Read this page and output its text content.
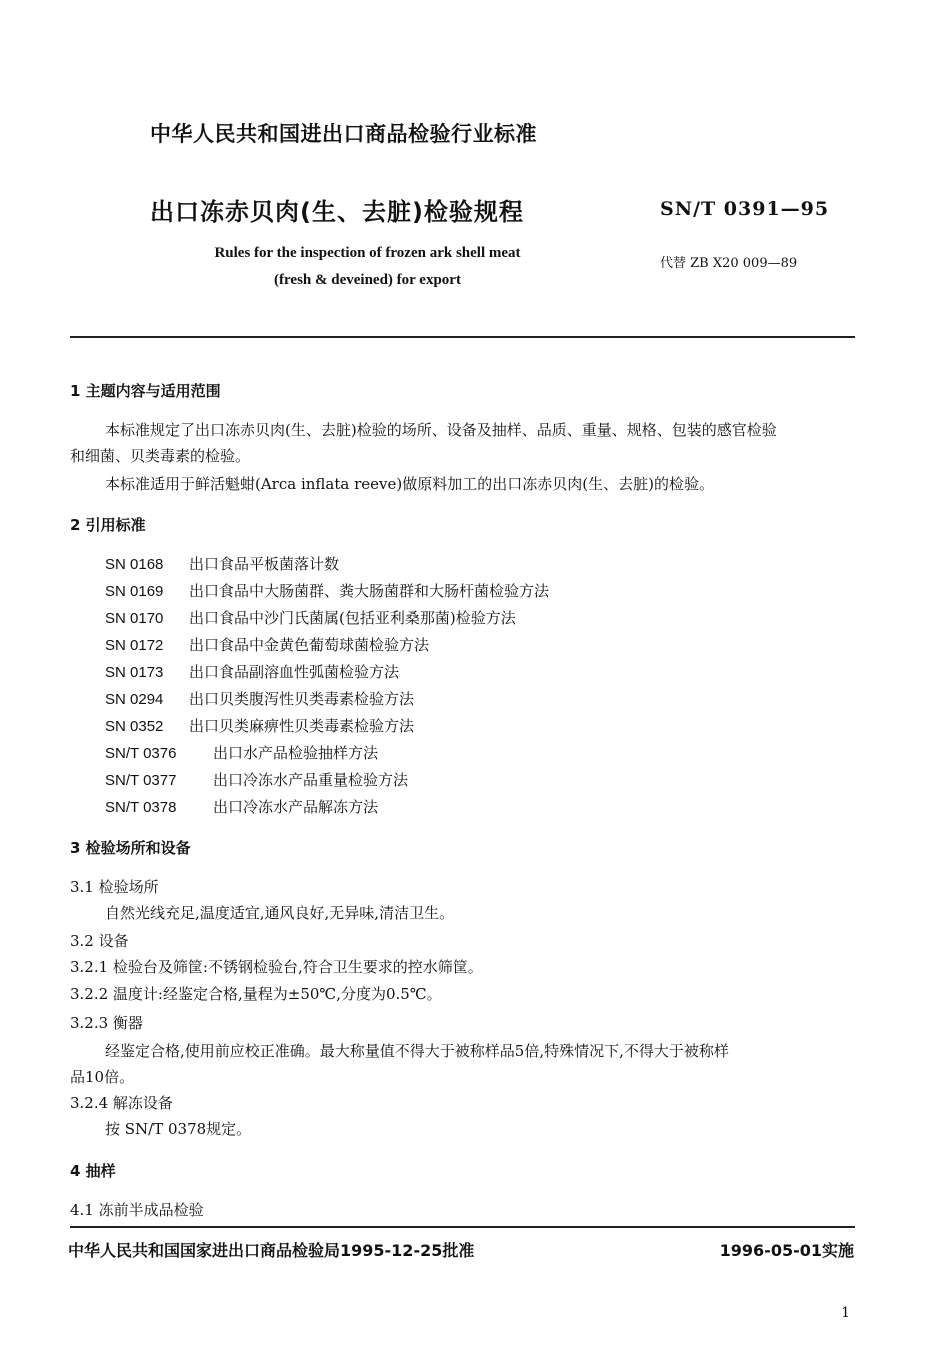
中华人民共和国进出口商品检验行业标准
出口冻赤贝肉(生、去脏)检验规程	SN/T 0391—95
Rules for the inspection of frozen ark shell meat
(fresh & deveined) for export
代替 ZB X20 009—89
1 主题内容与适用范围
本标准规定了出口冻赤贝肉(生、去脏)检验的场所、设备及抽样、品质、重量、规格、包装的感官检验
和细菌、贝类毒素的检验。
本标准适用于鲜活魁蚶(Arca inflata reeve)做原料加工的出口冻赤贝肉(生、去脏)的检验。
2 引用标准
SN 0168 出口食品平板菌落计数
SN 0169 出口食品中大肠菌群、粪大肠菌群和大肠杆菌检验方法
SN 0170 出口食品中沙门氏菌属(包括亚利桑那菌)检验方法
SN 0172 出口食品中金黄色葡萄球菌检验方法
SN 0173 出口食品副溶血性弧菌检验方法
SN 0294 出口贝类腹泻性贝类毒素检验方法
SN 0352 出口贝类麻痹性贝类毒素检验方法
SN/T 0376 出口水产品检验抽样方法
SN/T 0377 出口冷冻水产品重量检验方法
SN/T 0378 出口冷冻水产品解冻方法
3 检验场所和设备
3.1 检验场所
自然光线充足,温度适宜,通风良好,无异味,清洁卫生。
3.2 设备
3.2.1 检验台及筛筐:不锈钢检验台,符合卫生要求的控水筛筐。
3.2.2 温度计:经鉴定合格,量程为±50℃,分度为0.5℃。
3.2.3 衡器
经鉴定合格,使用前应校正准确。最大称量值不得大于被称样品5倍,特殊情况下,不得大于被称样
品10倍。
3.2.4 解冻设备
按 SN/T 0378规定。
4 抽样
4.1 冻前半成品检验
中华人民共和国国家进出口商品检验局1995-12-25批准	1996-05-01实施
1
